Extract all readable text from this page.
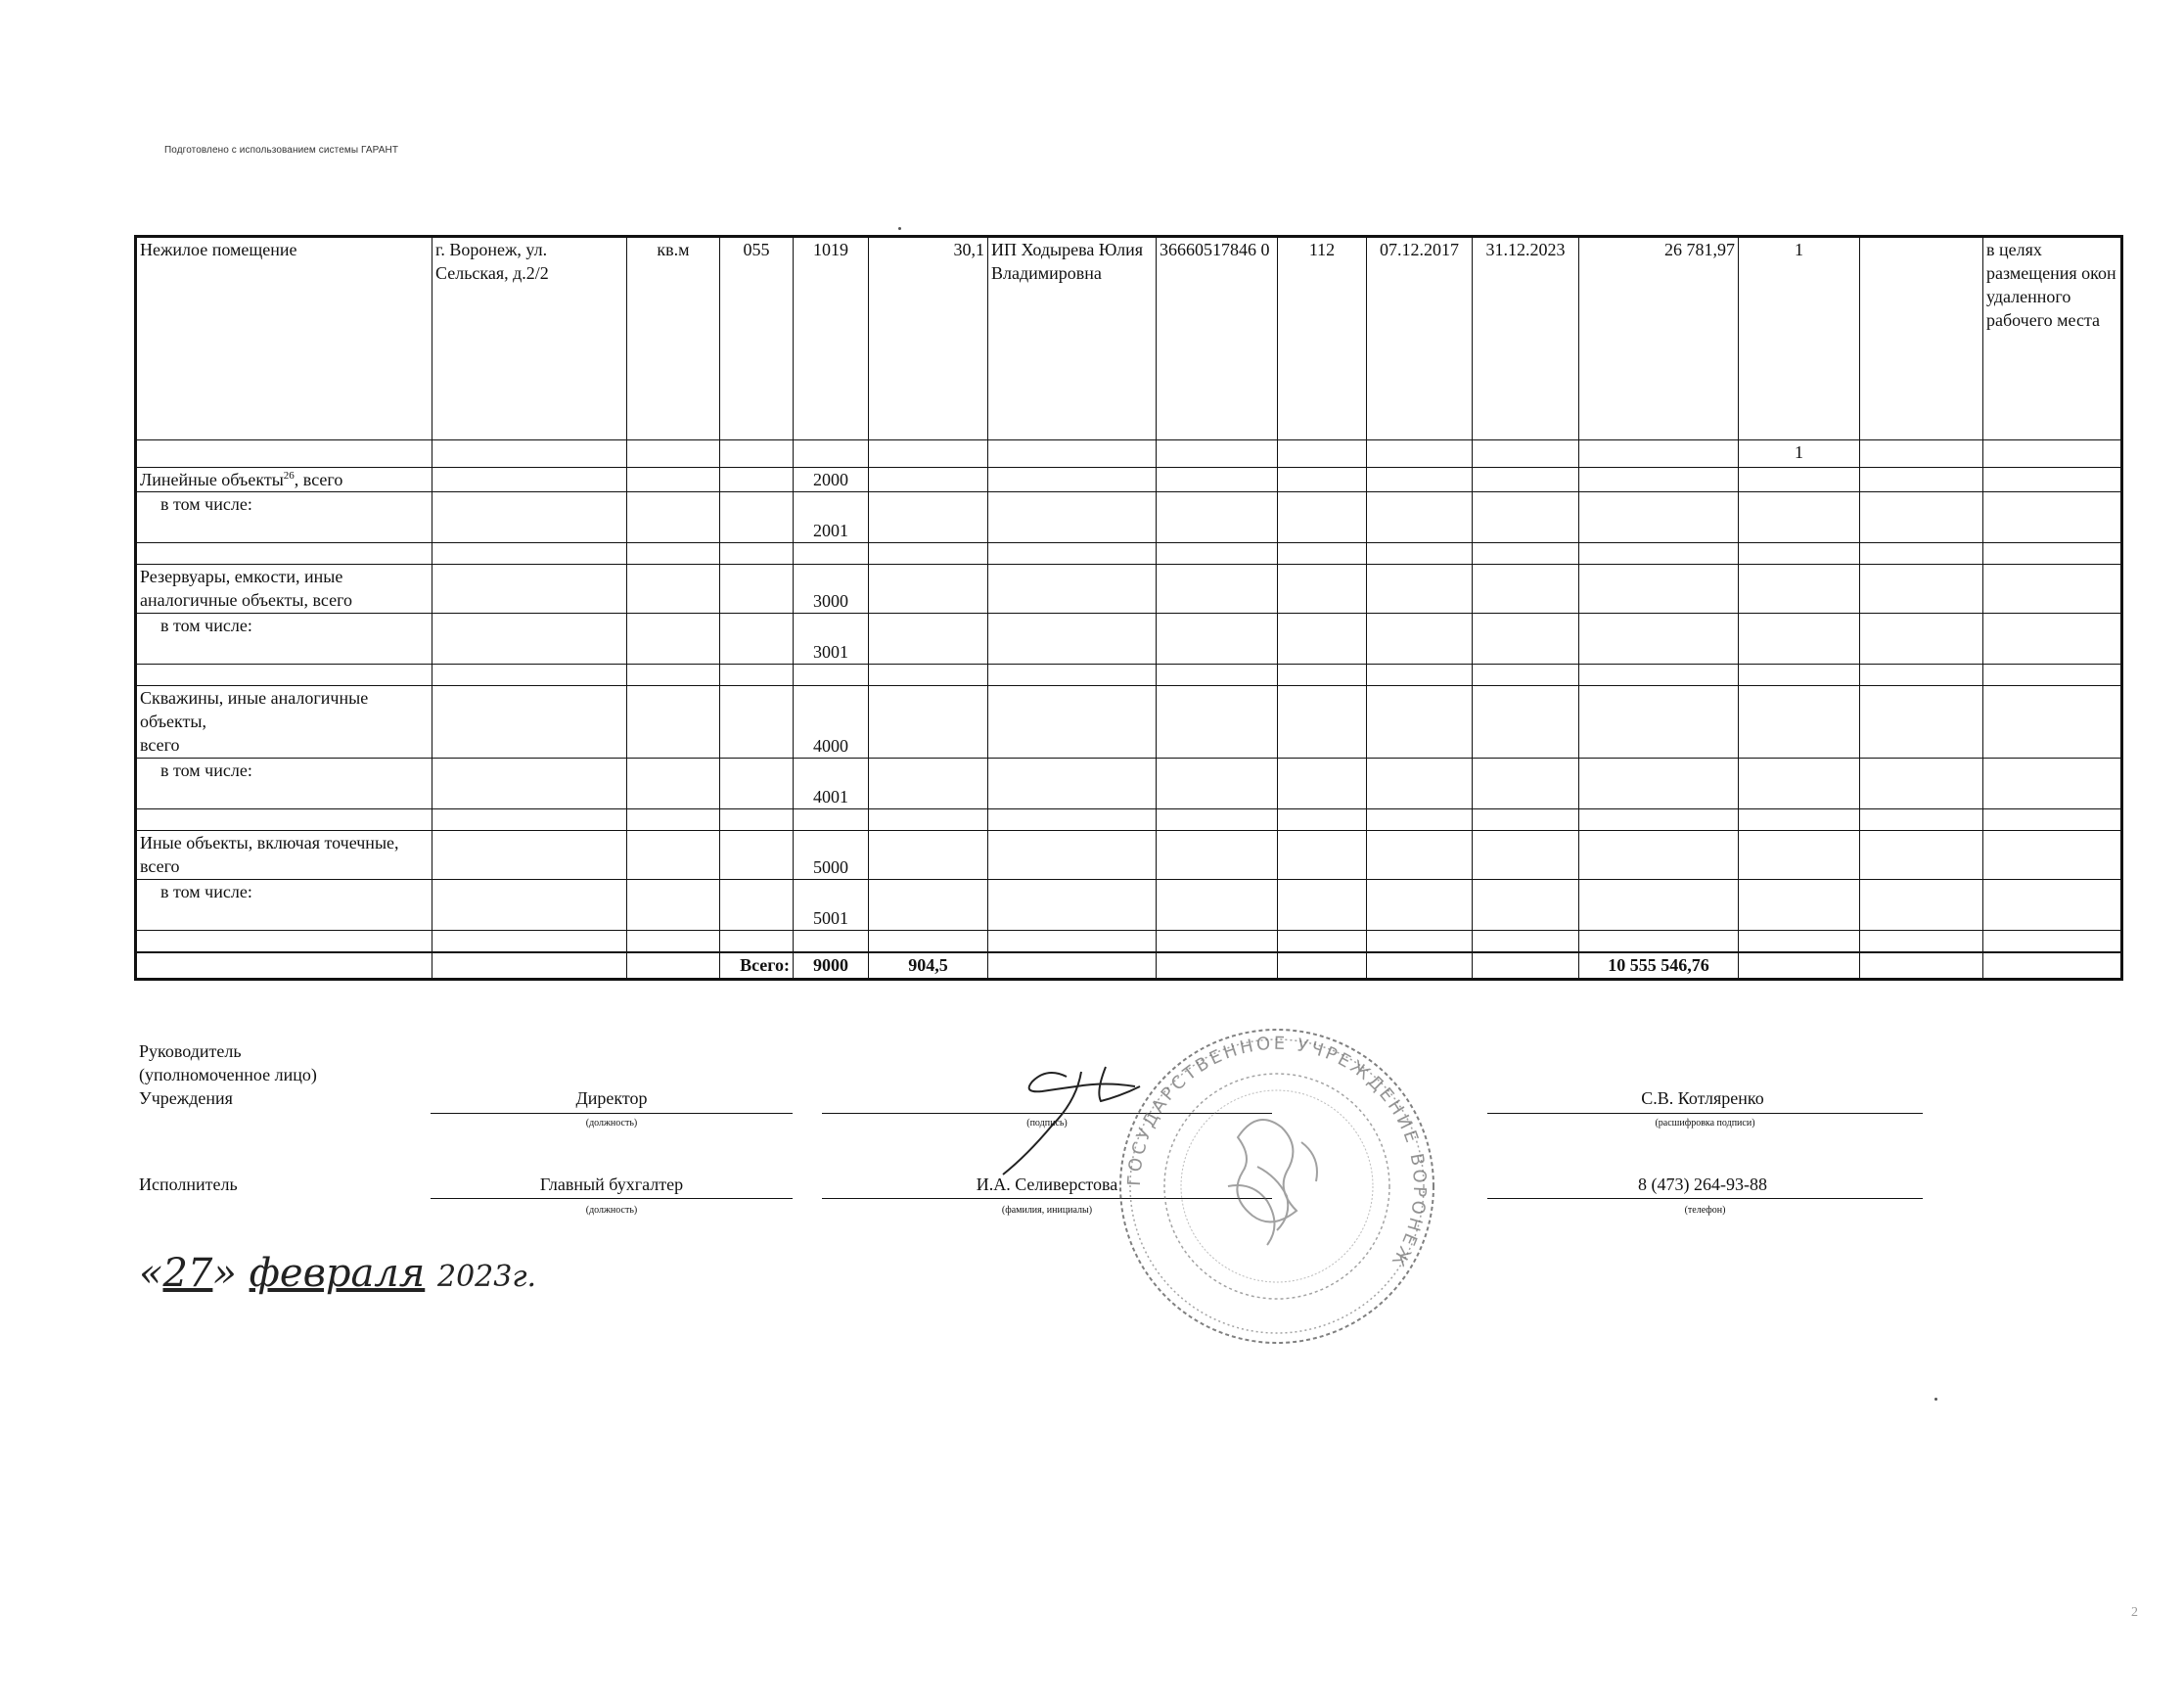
Подготовлено с использованием системы ГАРАНТ
Нежилое помещение	г. Воронеж, ул. Сельская, д.2/2	кв.м	055	1019	30,1	ИП Ходырева Юлия Владимировна	36660517846 0	112	07.12.2017	31.12.2023	26 781,97	1		в целях размещения окон удаленного рабочего места
												1		
Линейные объекты$^{26}$, всего				2000										
в том числе:				2001										

Резервуары, емкости, иные аналогичные объекты, всего				3000										
в том числе:				3001										

Скважины, иные аналогичные объекты,
всего				4000										
в том числе:				4001										

Иные объекты, включая точечные, всего				5000										
в том числе:				5001										

			Всего:	9000	904,5						10 555 546,76			
Руководитель
(уполномоченное лицо)
Учреждения	Директор
(должность)	(подпись)
С.В. Котляренко
(расшифровка подписи)
Исполнитель	Главный бухгалтер
(должность)
И.А. Селиверстова
(фамилия, инициалы)
8 (473) 264-93-88
(телефон)
ГОСУДАРСТВЕННОЕ УЧРЕЖДЕНИЕ ВОРОНЕЖ
«27» февраля 2023г.
2
